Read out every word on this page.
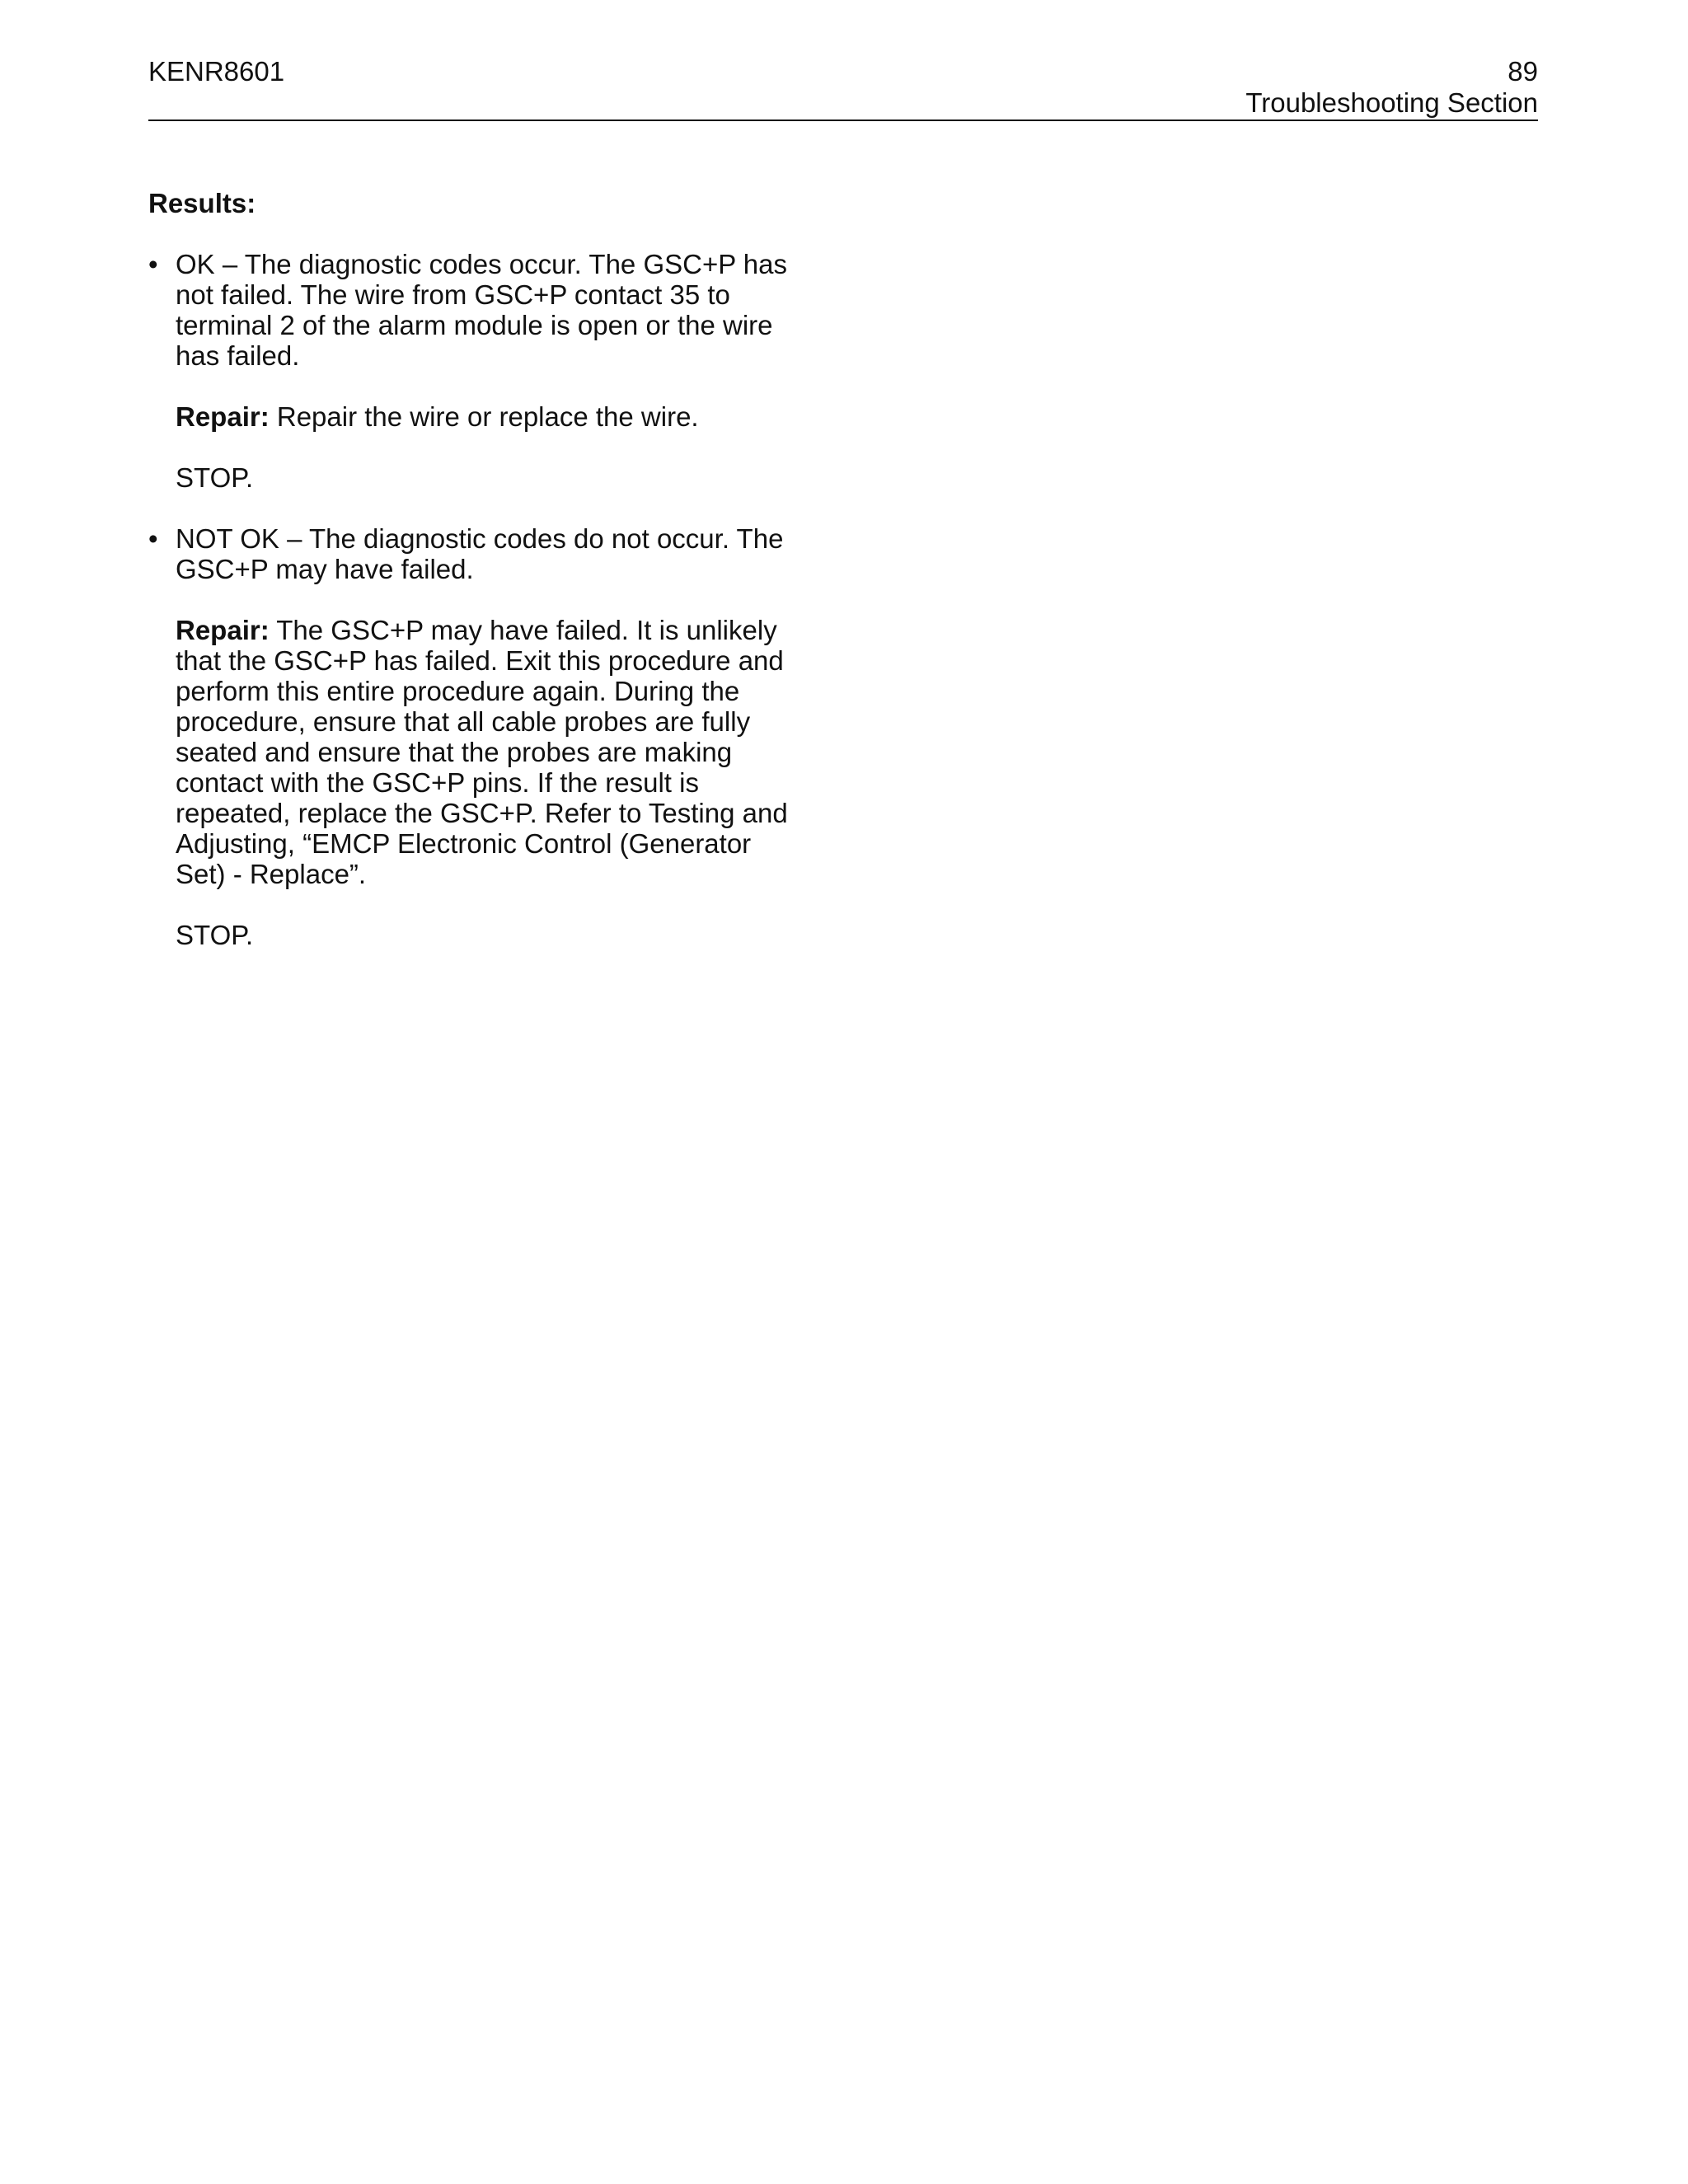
KENR8601	89
Troubleshooting Section
Results:
• OK – The diagnostic codes occur. The GSC+P has not failed. The wire from GSC+P contact 35 to terminal 2 of the alarm module is open or the wire has failed.
Repair: Repair the wire or replace the wire.
STOP.
• NOT OK – The diagnostic codes do not occur. The GSC+P may have failed.
Repair: The GSC+P may have failed. It is unlikely that the GSC+P has failed. Exit this procedure and perform this entire procedure again. During the procedure, ensure that all cable probes are fully seated and ensure that the probes are making contact with the GSC+P pins. If the result is repeated, replace the GSC+P. Refer to Testing and Adjusting, “EMCP Electronic Control (Generator Set) - Replace”.
STOP.
